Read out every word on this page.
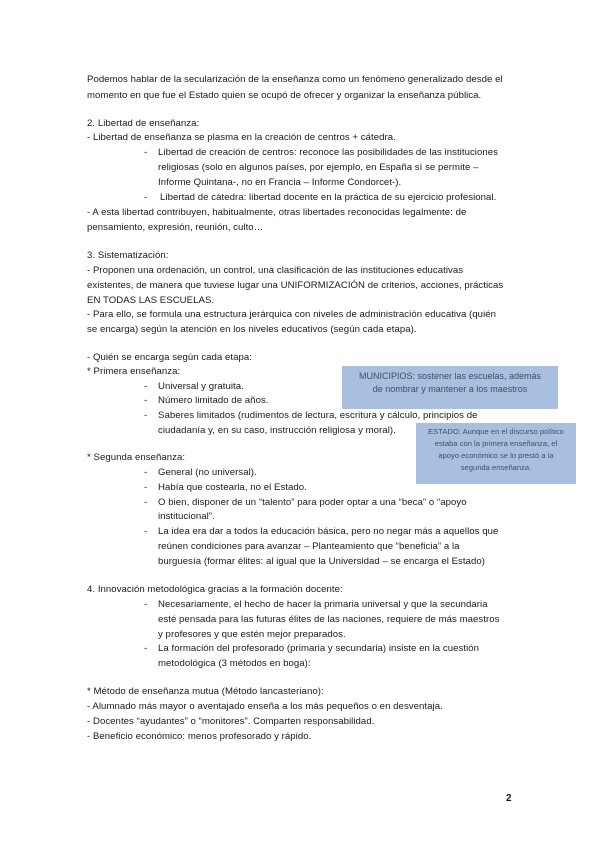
Podemos hablar de la secularización de la enseñanza como un fenómeno generalizado desde el
momento en que fue el Estado quien se ocupó de ofrecer y organizar la enseñanza pública.
2. Libertad de enseñanza:
- Libertad de enseñanza se plasma en la creación de centros + cátedra.
- Libertad de creación de centros: reconoce las posibilidades de las instituciones
religiosas (solo en algunos países, por ejemplo, en España sí se permite –
Informe Quintana-, no en Francia – Informe Condorcet-).
- Libertad de cátedra: libertad docente en la práctica de su ejercicio profesional.
- A esta libertad contribuyen, habitualmente, otras libertades reconocidas legalmente: de
pensamiento, expresión, reunión, culto…
3. Sistematización:
- Proponen una ordenación, un control, una clasificación de las instituciones educativas
existentes, de manera que tuviese lugar una UNIFORMIZACIÓN de criterios, acciones, prácticas
EN TODAS LAS ESCUELAS.
- Para ello, se formula una estructura jerárquica con niveles de administración educativa (quién
se encarga) según la atención en los niveles educativos (según cada etapa).
- Quién se encarga según cada etapa:
* Primera enseñanza:
- Universal y gratuita.
- Número limitado de años.
- Saberes limitados (rudimentos de lectura, escritura y cálculo, principios de
ciudadanía y, en su caso, instrucción religiosa y moral).
* Segunda enseñanza:
- General (no universal).
- Había que costearla, no el Estado.
- O bien, disponer de un “talento” para poder optar a una “beca” o “apoyo
institucional”.
- La idea era dar a todos la educación básica, pero no negar más a aquellos que
reúnen condiciones para avanzar – Planteamiento que “beneficia” a la
burguesía (formar élites: al igual que la Universidad – se encarga el Estado)
4. Innovación metodológica gracias a la formación docente:
- Necesariamente, el hecho de hacer la primaria universal y que la secundaria
esté pensada para las futuras élites de las naciones, requiere de más maestros
y profesores y que estén mejor preparados.
- La formación del profesorado (primaria y secundaria) insiste en la cuestión
metodológica (3 métodos en boga):
* Método de enseñanza mutua (Método lancasteriano):
- Alumnado más mayor o aventajado enseña a los más pequeños o en desventaja.
- Docentes “ayudantes” o “monitores”. Comparten responsabilidad.
- Beneficio económico: menos profesorado y rápido.
MUNICIPIOS: sostener las escuelas, además
de nombrar y mantener a los maestros
ESTADO: Aunque en el discurso político
estaba con la primera enseñanza, el
apoyo económico se lo prestó a la
segunda enseñanza.
2
